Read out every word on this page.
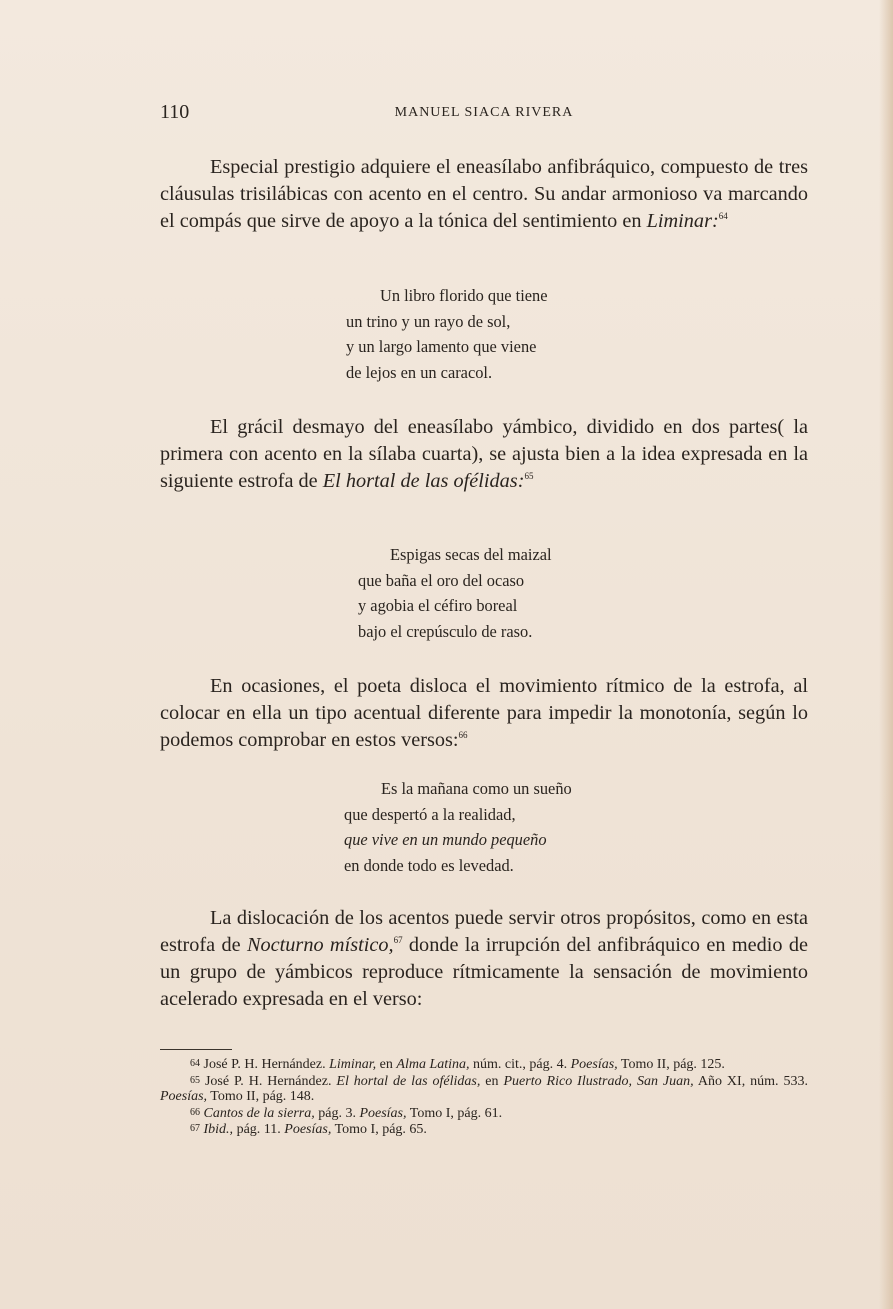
110	MANUEL SIACA RIVERA

Especial prestigio adquiere el eneasílabo anfibráquico, compuesto de tres cláusulas trisilábicas con acento en el centro. Su andar armonioso va marcando el compás que sirve de apoyo a la tónica del sentimiento en Liminar:$^{64}$

Un libro florido que tiene
un trino y un rayo de sol,
y un largo lamento que viene
de lejos en un caracol.

El grácil desmayo del eneasílabo yámbico, dividido en dos partes( la primera con acento en la sílaba cuarta), se ajusta bien a la idea expresada en la siguiente estrofa de El hortal de las ofélidas:$^{65}$

Espigas secas del maizal
que baña el oro del ocaso
y agobia el céfiro boreal
bajo el crepúsculo de raso.

En ocasiones, el poeta disloca el movimiento rítmico de la estrofa, al colocar en ella un tipo acentual diferente para impedir la monotonía, según lo podemos comprobar en estos versos:$^{66}$

Es la mañana como un sueño
que despertó a la realidad,
que vive en un mundo pequeño
en donde todo es levedad.

La dislocación de los acentos puede servir otros propósitos, como en esta estrofa de Nocturno místico,$^{67}$ donde la irrupción del anfibráquico en medio de un grupo de yámbicos reproduce rítmicamente la sensación de movimiento acelerado expresada en el verso:

64 José P. H. Hernández. Liminar, en Alma Latina, núm. cit., pág. 4. Poesías, Tomo II, pág. 125.

65 José P. H. Hernández. El hortal de las ofélidas, en Puerto Rico Ilustrado, San Juan, Año XI, núm. 533. Poesías, Tomo II, pág. 148.

66 Cantos de la sierra, pág. 3. Poesías, Tomo I, pág. 61.

67 Ibid., pág. 11. Poesías, Tomo I, pág. 65.
